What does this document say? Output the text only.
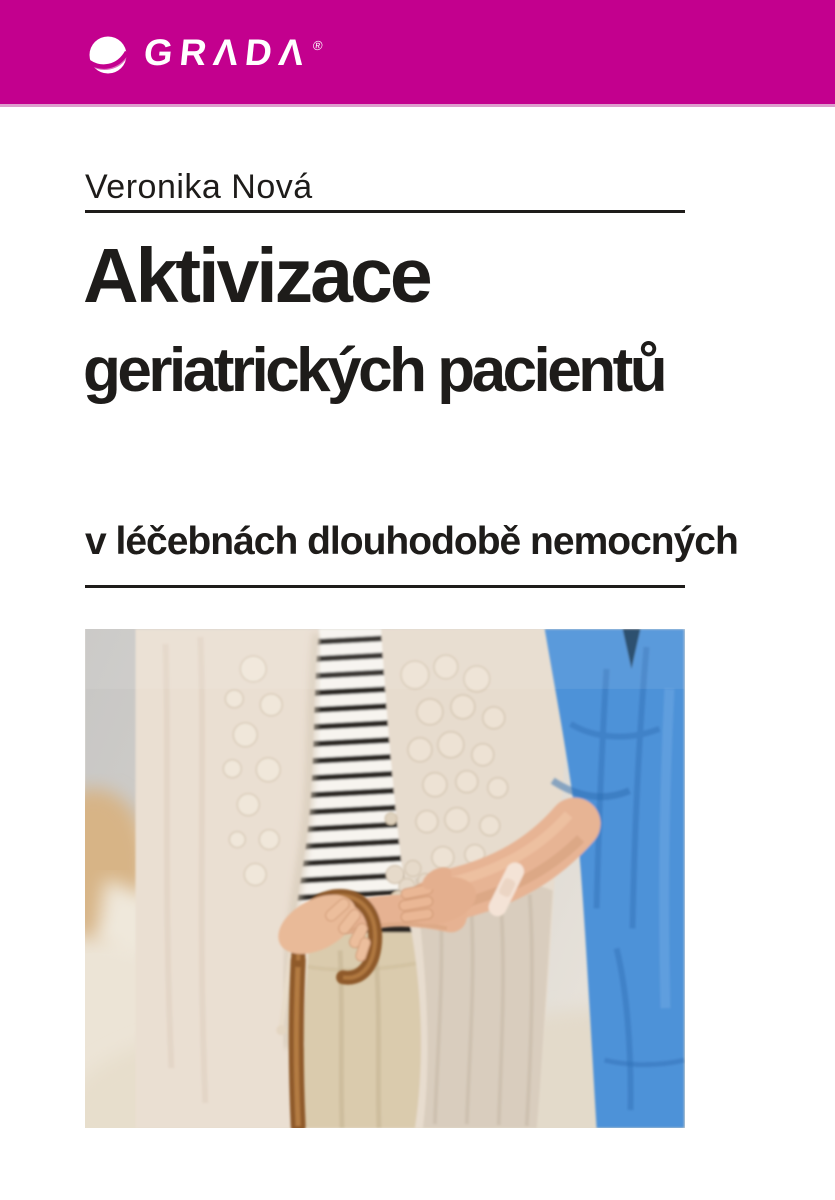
GRΛDΛ ®
Veronika Nová
Aktivizace
geriatrických pacientů
v léčebnách dlouhodobě nemocných
